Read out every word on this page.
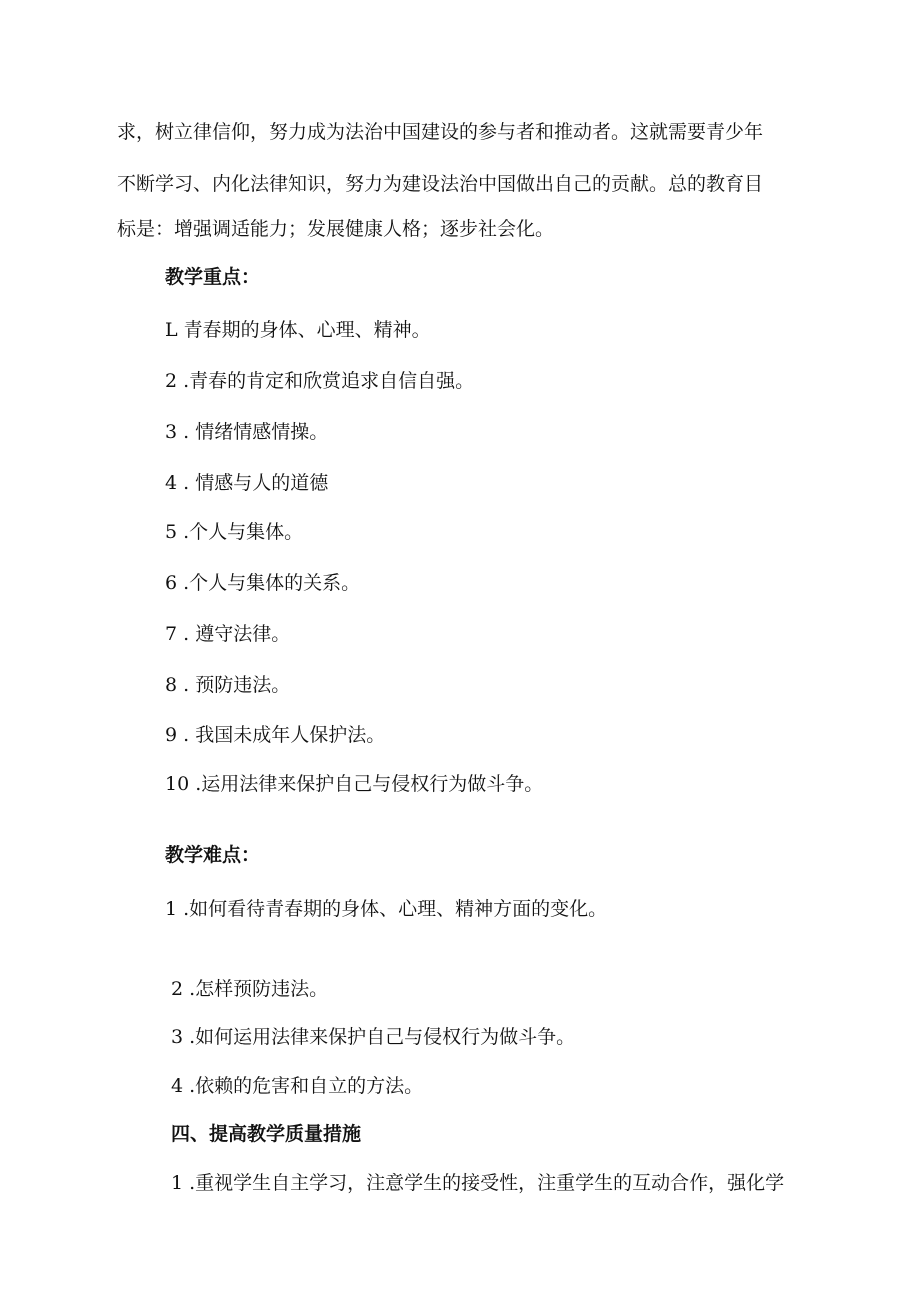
求，树立律信仰，努力成为法治中国建设的参与者和推动者。这就需要青少年
不断学习、内化法律知识，努力为建设法治中国做出自己的贡献。总的教育目
标是：增强调适能力；发展健康人格；逐步社会化。
教学重点：
L 青春期的身体、心理、精神。
2 .青春的肯定和欣赏追求自信自强。
3 . 情绪情感情操。
4 . 情感与人的道德
5 .个人与集体。
6 .个人与集体的关系。
7 . 遵守法律。
8 . 预防违法。
9 . 我国未成年人保护法。
10 .运用法律来保护自己与侵权行为做斗争。
教学难点：
1 .如何看待青春期的身体、心理、精神方面的变化。
2 .怎样预防违法。
3 .如何运用法律来保护自己与侵权行为做斗争。
4 .依赖的危害和自立的方法。
四、提高教学质量措施
1 .重视学生自主学习，注意学生的接受性，注重学生的互动合作，强化学
